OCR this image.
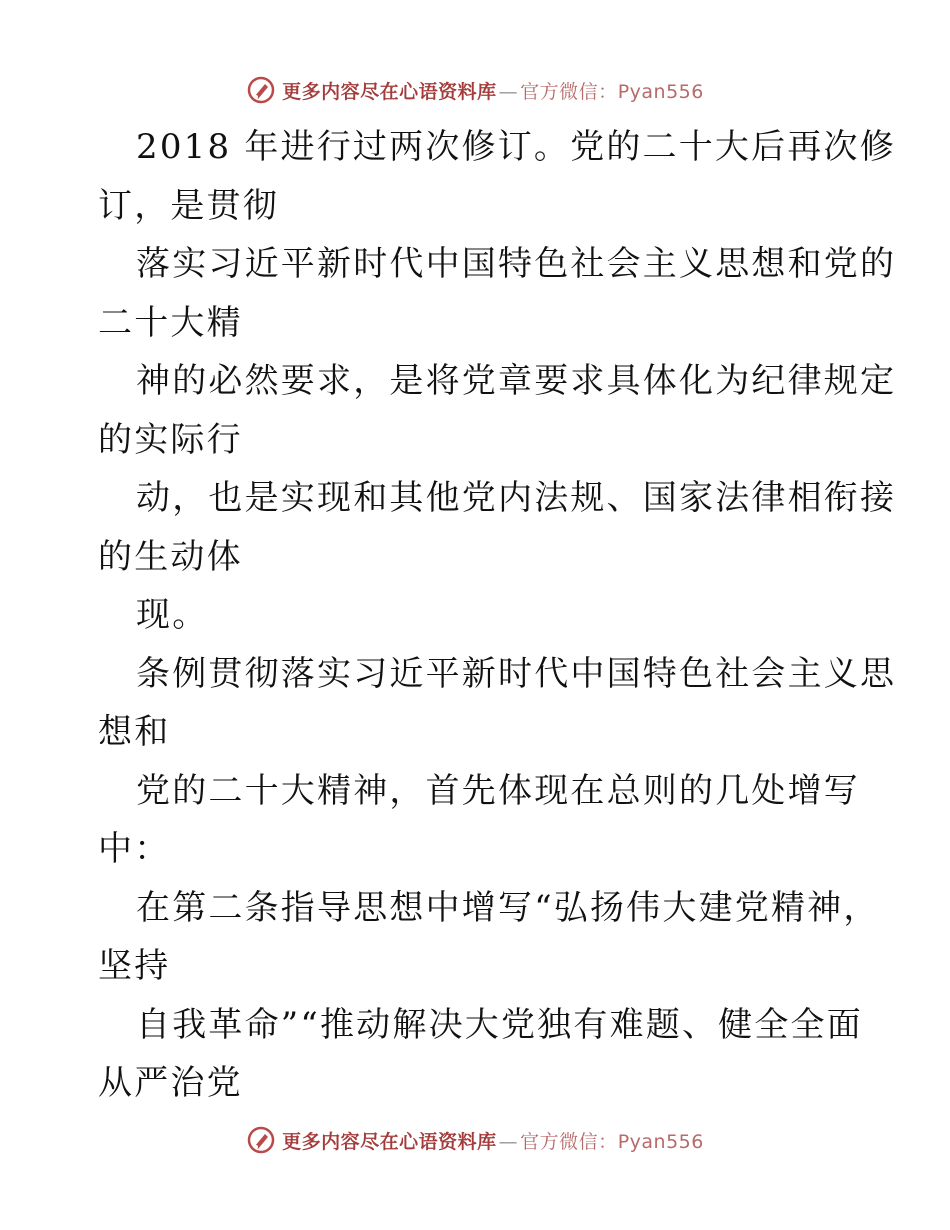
更多内容尽在心语资料库 — 官方微信：Pyan556
2018 年进行过两次修订。党的二十大后再次修
订，是贯彻
落实习近平新时代中国特色社会主义思想和党的
二十大精
神的必然要求，是将党章要求具体化为纪律规定
的实际行
动，也是实现和其他党内法规、国家法律相衔接
的生动体
现。
条例贯彻落实习近平新时代中国特色社会主义思
想和
党的二十大精神，首先体现在总则的几处增写
中：
在第二条指导思想中增写“弘扬伟大建党精神，
坚持
自我革命”“推动解决大党独有难题、健全全面
从严治党
更多内容尽在心语资料库 — 官方微信：Pyan556
